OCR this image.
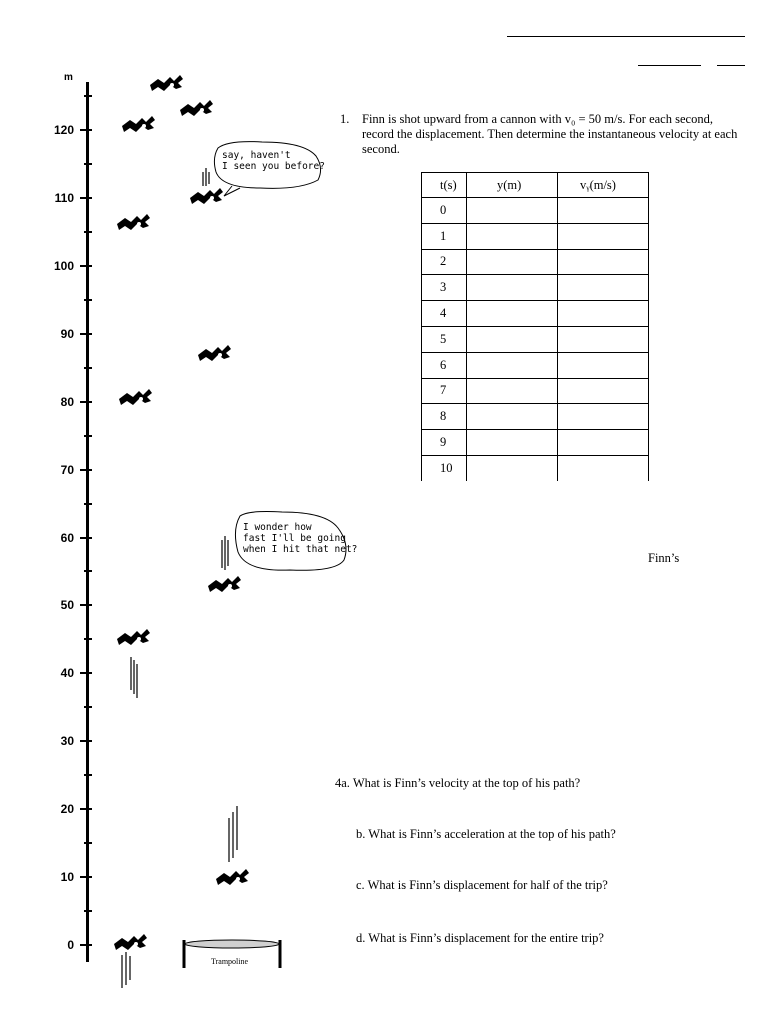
m
120
110
100
90
80
70
60
50
40
30
20
10
0
1. Finn is shot upward from a cannon with v₀ = 50 m/s. For each second, record the displacement. Then determine the instantaneous velocity at each second.
t(s)	y(m)	vᵧ(m/s)
0		
1		
2		
3		
4		
5		
6		
7		
8		
9		
10		
say, haven't
I seen you before?
I wonder how
fast I'll be going
when I hit that net?
Finn’s
4a. What is Finn’s velocity at the top of his path?
b. What is Finn’s acceleration at the top of his path?
c. What is Finn’s displacement for half of the trip?
d. What is Finn’s displacement for the entire trip?
Trampoline
